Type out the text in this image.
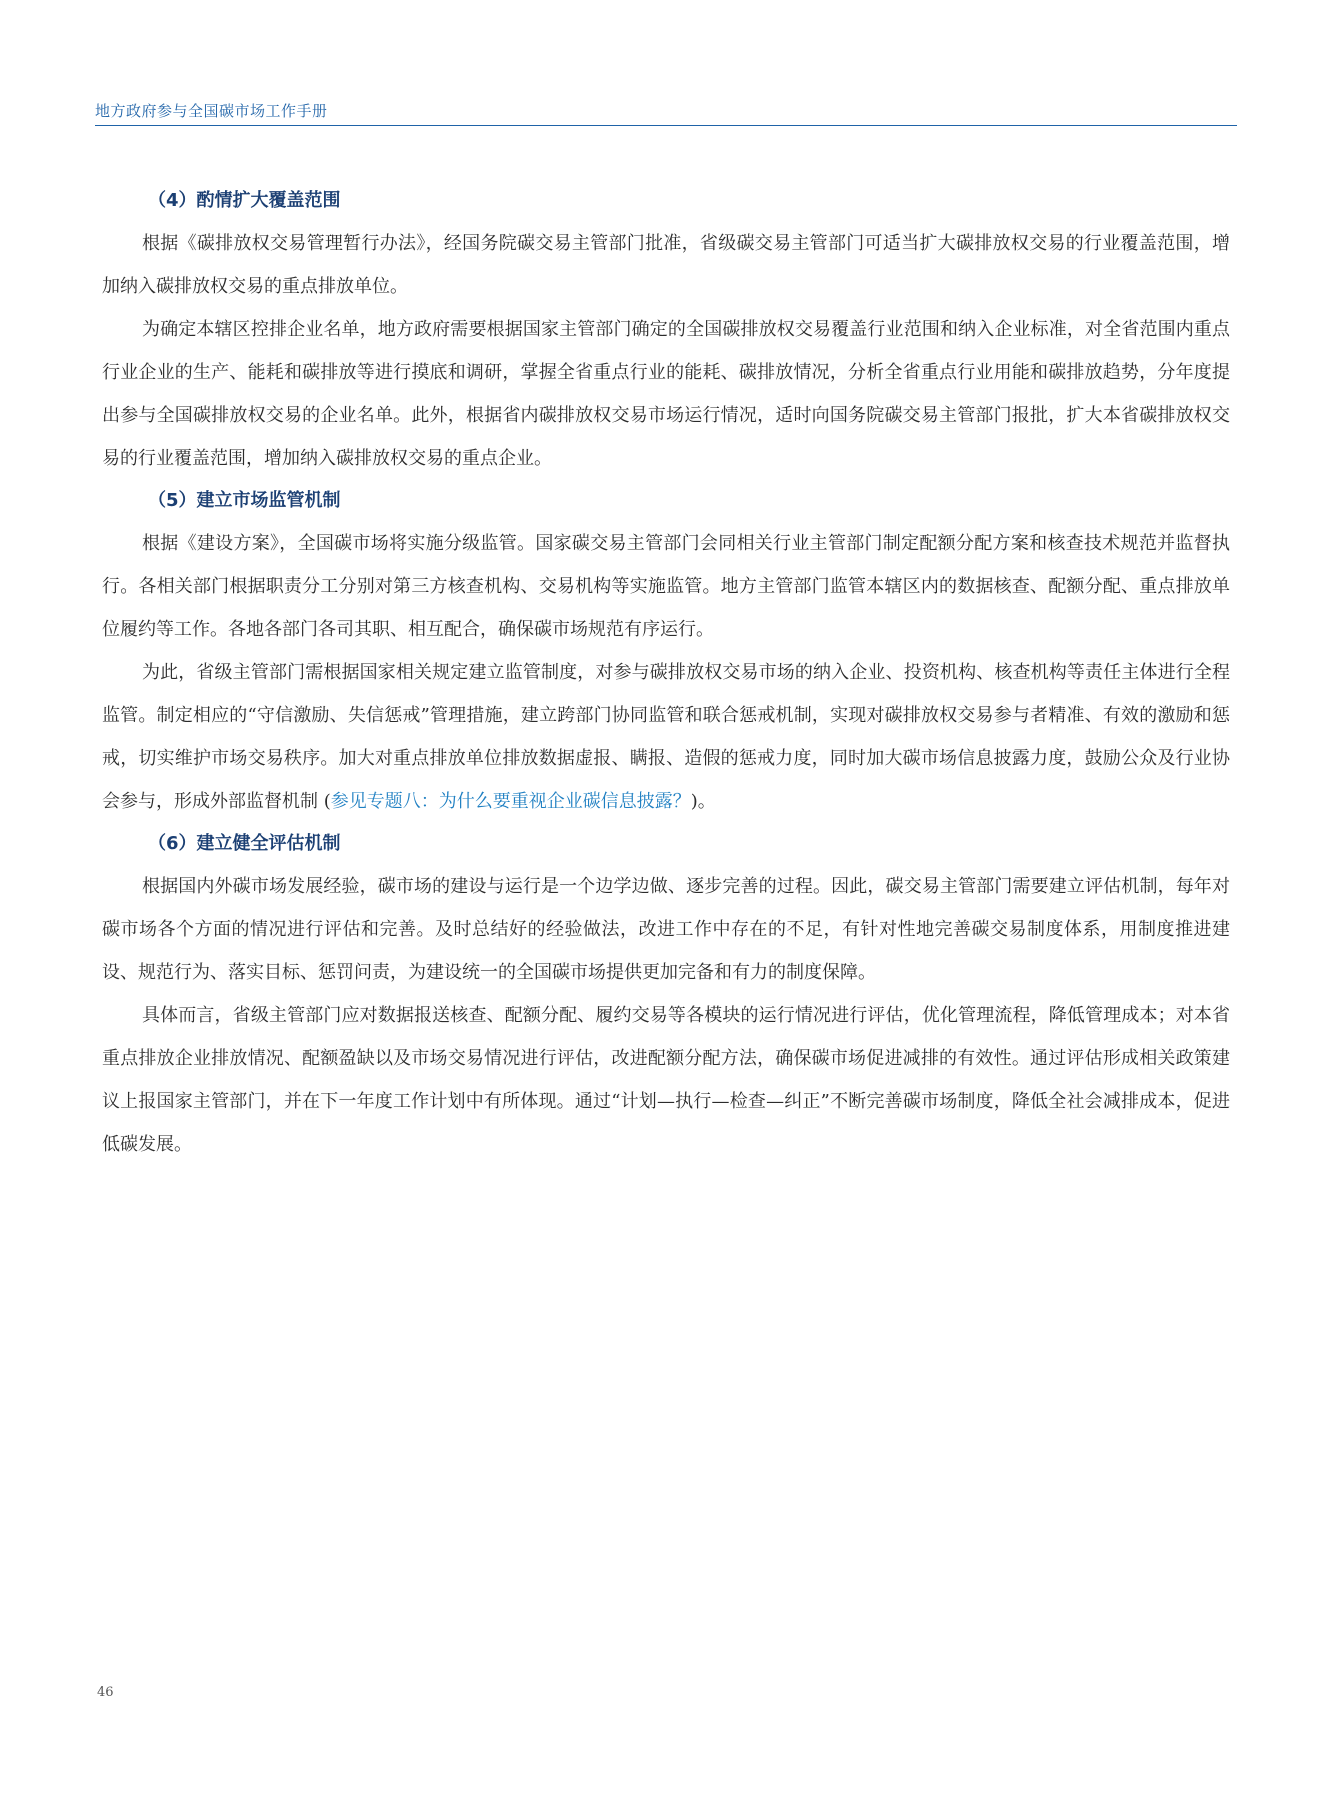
地方政府参与全国碳市场工作手册
（4）酌情扩大覆盖范围

根据《碳排放权交易管理暂行办法》，经国务院碳交易主管部门批准，省级碳交易主管部门可适当扩大碳排放权交易的行业覆盖范围，增加纳入碳排放权交易的重点排放单位。

为确定本辖区控排企业名单，地方政府需要根据国家主管部门确定的全国碳排放权交易覆盖行业范围和纳入企业标准，对全省范围内重点行业企业的生产、能耗和碳排放等进行摸底和调研，掌握全省重点行业的能耗、碳排放情况，分析全省重点行业用能和碳排放趋势，分年度提出参与全国碳排放权交易的企业名单。此外，根据省内碳排放权交易市场运行情况，适时向国务院碳交易主管部门报批，扩大本省碳排放权交易的行业覆盖范围，增加纳入碳排放权交易的重点企业。

（5）建立市场监管机制

根据《建设方案》，全国碳市场将实施分级监管。国家碳交易主管部门会同相关行业主管部门制定配额分配方案和核查技术规范并监督执行。各相关部门根据职责分工分别对第三方核查机构、交易机构等实施监管。地方主管部门监管本辖区内的数据核查、配额分配、重点排放单位履约等工作。各地各部门各司其职、相互配合，确保碳市场规范有序运行。

为此，省级主管部门需根据国家相关规定建立监管制度，对参与碳排放权交易市场的纳入企业、投资机构、核查机构等责任主体进行全程监管。制定相应的“守信激励、失信惩戒”管理措施，建立跨部门协同监管和联合惩戒机制，实现对碳排放权交易参与者精准、有效的激励和惩戒，切实维护市场交易秩序。加大对重点排放单位排放数据虚报、瞒报、造假的惩戒力度，同时加大碳市场信息披露力度，鼓励公众及行业协会参与，形成外部监督机制 (参见专题八：为什么要重视企业碳信息披露？)。

（6）建立健全评估机制

根据国内外碳市场发展经验，碳市场的建设与运行是一个边学边做、逐步完善的过程。因此，碳交易主管部门需要建立评估机制，每年对碳市场各个方面的情况进行评估和完善。及时总结好的经验做法，改进工作中存在的不足，有针对性地完善碳交易制度体系，用制度推进建设、规范行为、落实目标、惩罚问责，为建设统一的全国碳市场提供更加完备和有力的制度保障。

具体而言，省级主管部门应对数据报送核查、配额分配、履约交易等各模块的运行情况进行评估，优化管理流程，降低管理成本；对本省重点排放企业排放情况、配额盈缺以及市场交易情况进行评估，改进配额分配方法，确保碳市场促进减排的有效性。通过评估形成相关政策建议上报国家主管部门，并在下一年度工作计划中有所体现。通过“计划—执行—检查—纠正”不断完善碳市场制度，降低全社会减排成本，促进低碳发展。

46
